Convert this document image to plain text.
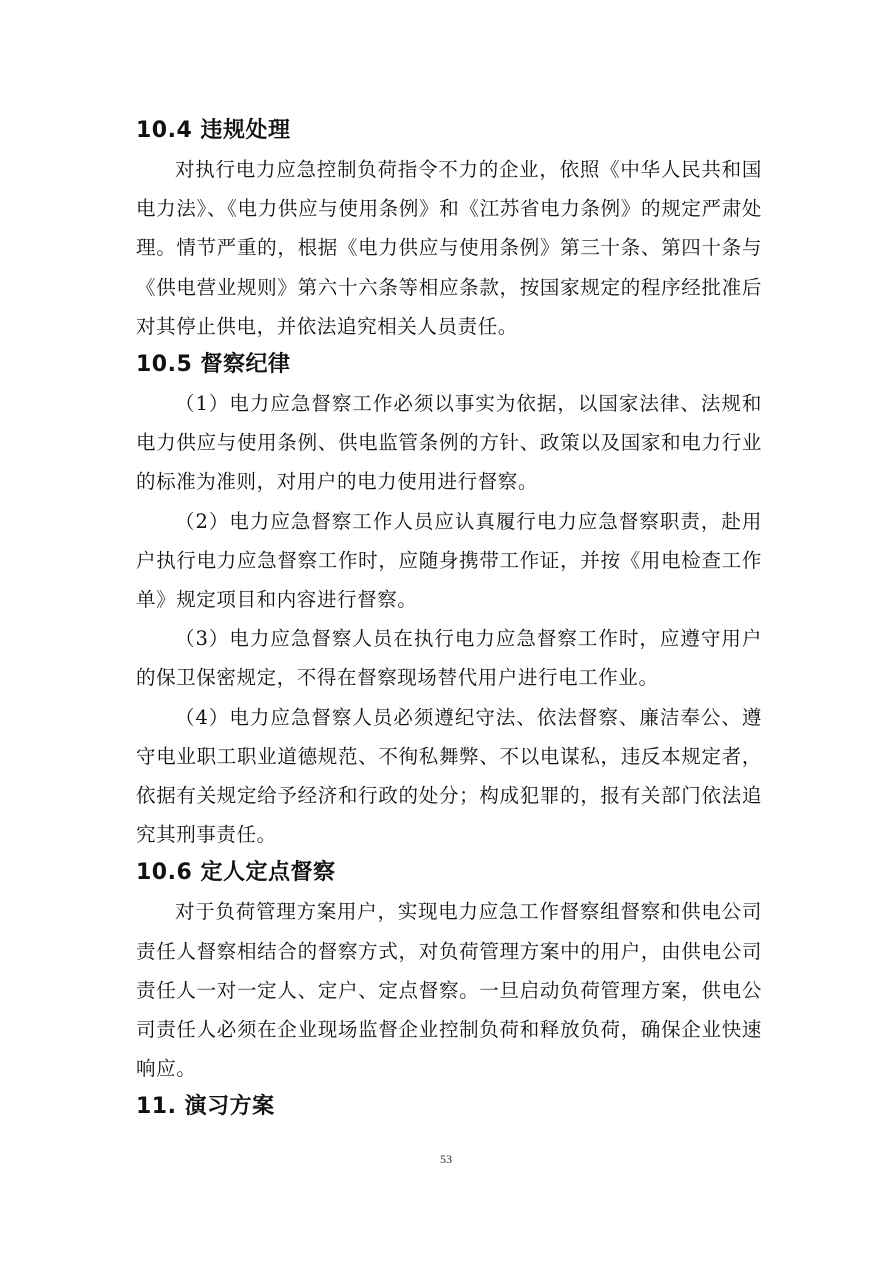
10.4 违规处理

对执行电力应急控制负荷指令不力的企业，依照《中华人民共和国电力法》、《电力供应与使用条例》和《江苏省电力条例》的规定严肃处理。情节严重的，根据《电力供应与使用条例》第三十条、第四十条与《供电营业规则》第六十六条等相应条款，按国家规定的程序经批准后对其停止供电，并依法追究相关人员责任。

10.5 督察纪律

（1）电力应急督察工作必须以事实为依据，以国家法律、法规和电力供应与使用条例、供电监管条例的方针、政策以及国家和电力行业的标准为准则，对用户的电力使用进行督察。

（2）电力应急督察工作人员应认真履行电力应急督察职责，赴用户执行电力应急督察工作时，应随身携带工作证，并按《用电检查工作单》规定项目和内容进行督察。

（3）电力应急督察人员在执行电力应急督察工作时，应遵守用户的保卫保密规定，不得在督察现场替代用户进行电工作业。

（4）电力应急督察人员必须遵纪守法、依法督察、廉洁奉公、遵守电业职工职业道德规范、不徇私舞弊、不以电谋私，违反本规定者，依据有关规定给予经济和行政的处分；构成犯罪的，报有关部门依法追究其刑事责任。

10.6 定人定点督察

对于负荷管理方案用户，实现电力应急工作督察组督察和供电公司责任人督察相结合的督察方式，对负荷管理方案中的用户，由供电公司责任人一对一定人、定户、定点督察。一旦启动负荷管理方案，供电公司责任人必须在企业现场监督企业控制负荷和释放负荷，确保企业快速响应。

11. 演习方案
53
